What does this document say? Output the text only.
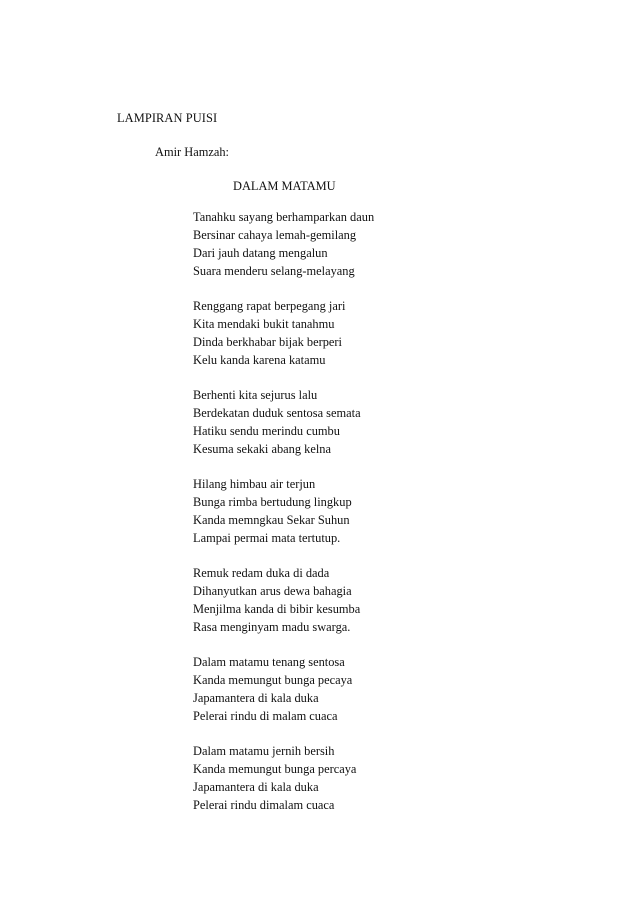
LAMPIRAN PUISI
Amir Hamzah:
DALAM MATAMU
Tanahku sayang berhamparkan daun
Bersinar cahaya lemah-gemilang
Dari jauh datang mengalun
Suara menderu selang-melayang
Renggang rapat berpegang jari
Kita mendaki bukit tanahmu
Dinda berkhabar bijak berperi
Kelu kanda karena katamu
Berhenti kita sejurus lalu
Berdekatan duduk sentosa semata
Hatiku sendu merindu cumbu
Kesuma sekaki abang kelna
Hilang himbau air terjun
Bunga rimba bertudung lingkup
Kanda memngkau Sekar Suhun
Lampai permai mata tertutup.
Remuk redam duka di dada
Dihanyutkan arus dewa bahagia
Menjilma kanda di bibir kesumba
Rasa menginyam madu swarga.
Dalam matamu tenang sentosa
Kanda memungut bunga pecaya
Japamantera di kala duka
Pelerai rindu di malam cuaca
Dalam matamu jernih bersih
Kanda memungut bunga percaya
Japamantera di kala duka
Pelerai rindu dimalam cuaca
